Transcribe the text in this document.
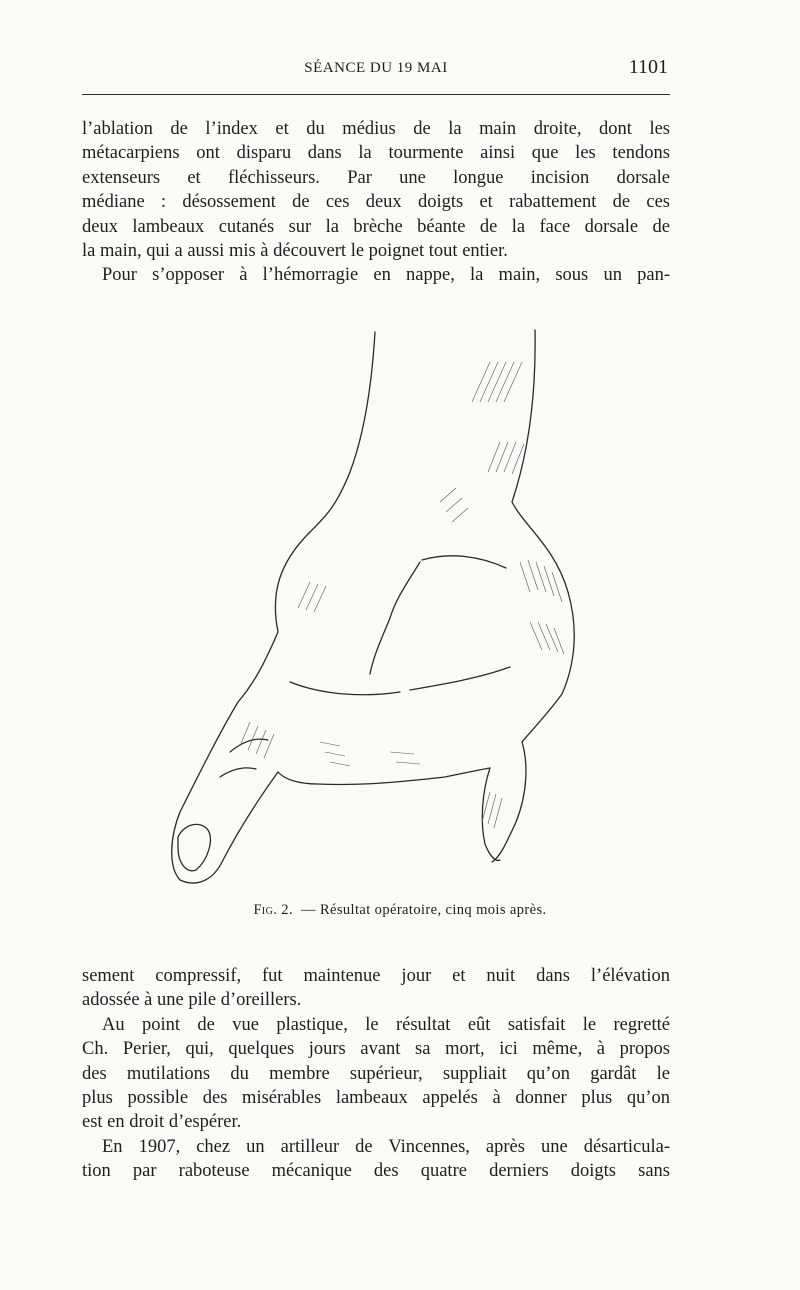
SÉANCE DU 19 MAI	1101
l’ablation de l’index et du médius de la main droite, dont les
métacarpiens ont disparu dans la tourmente ainsi que les tendons
extenseurs et fléchisseurs. Par une longue incision dorsale
médiane : désossement de ces deux doigts et rabattement de ces
deux lambeaux cutanés sur la brèche béante de la face dorsale de
la main, qui a aussi mis à découvert le poignet tout entier.
Pour s’opposer à l’hémorragie en nappe, la main, sous un pan-
Fig. 2. — Résultat opératoire, cinq mois après.
sement compressif, fut maintenue jour et nuit dans l’élévation
adossée à une pile d’oreillers.
Au point de vue plastique, le résultat eût satisfait le regretté
Ch. Perier, qui, quelques jours avant sa mort, ici même, à propos
des mutilations du membre supérieur, suppliait qu’on gardât le
plus possible des misérables lambeaux appelés à donner plus qu’on
est en droit d’espérer.
En 1907, chez un artilleur de Vincennes, après une désarticula-
tion par raboteuse mécanique des quatre derniers doigts sans
